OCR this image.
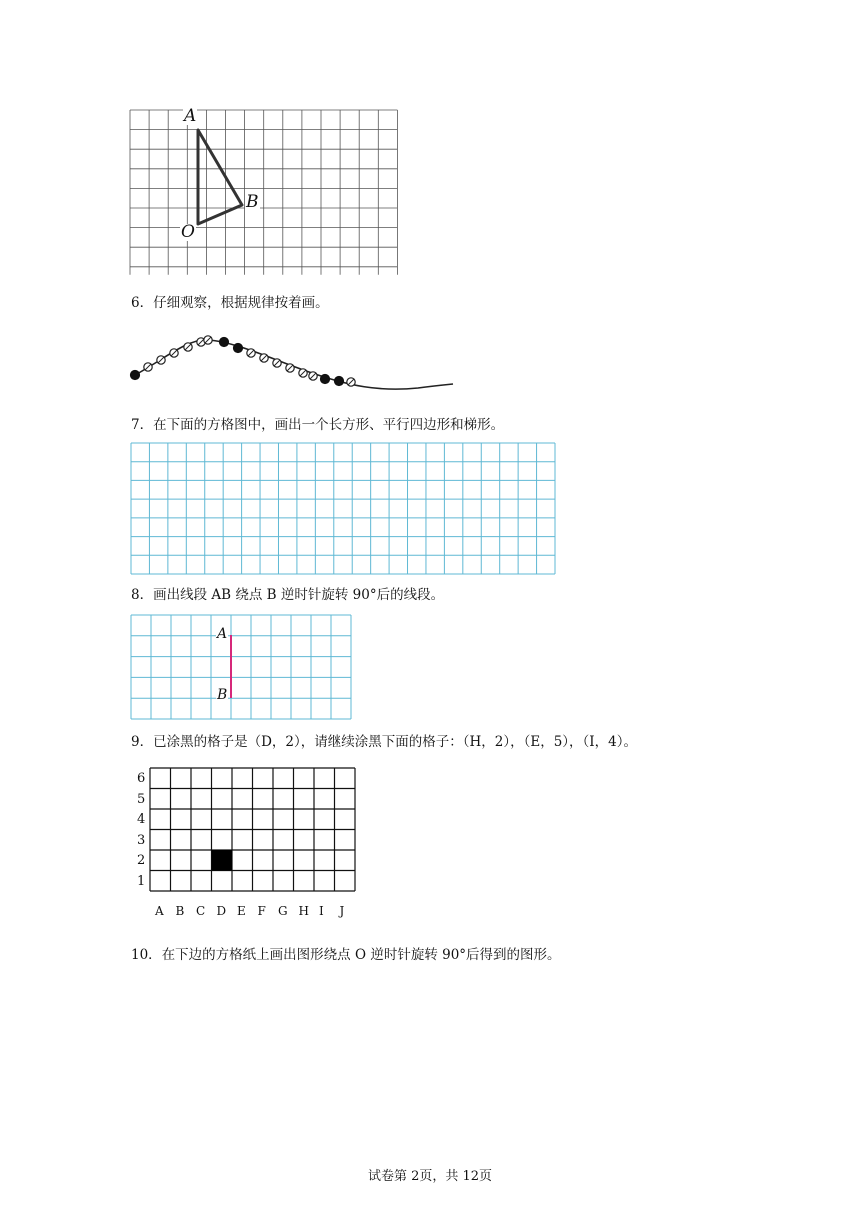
A
B
O
6．仔细观察，根据规律按着画。
7．在下面的方格图中，画出一个长方形、平行四边形和梯形。
8．画出线段 AB 绕点 B 逆时针旋转 90°后的线段。
A
B
9．已涂黑的格子是（D，2），请继续涂黑下面的格子：（H，2），（E，5），（I，4）。
6
5
4
3
2
1
A B C D E F G H I J
10．在下边的方格纸上画出图形绕点 O 逆时针旋转 90°后得到的图形。
试卷第 2页，共 12页
